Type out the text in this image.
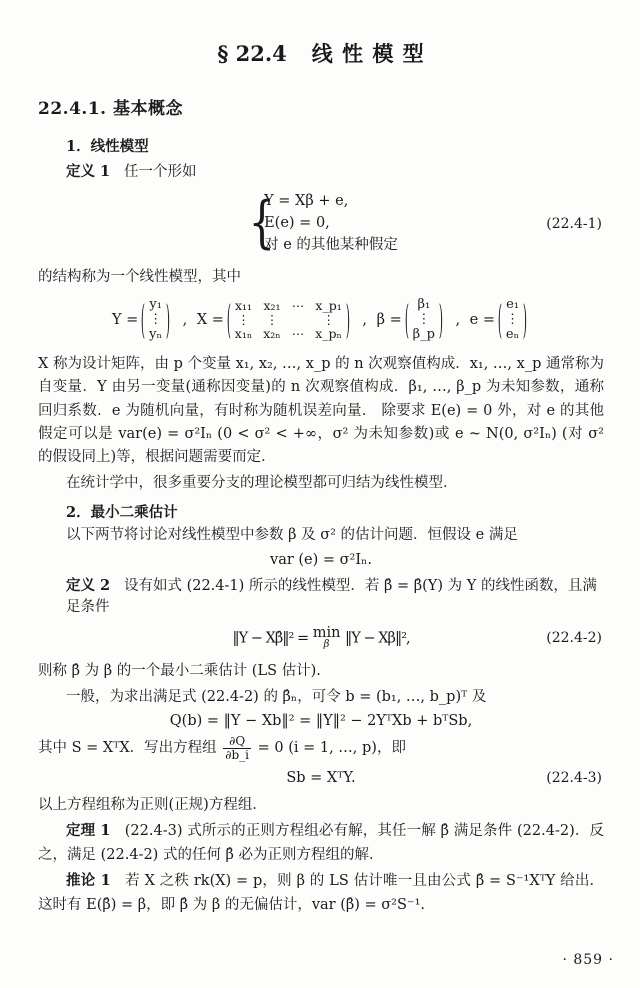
§ 22.4 线 性 模 型
22.4.1. 基本概念
1．线性模型
定义 1 任一个形如
{
Y = Xβ + e,
E(e) = 0,
对 e 的其他某种假定
(22.4-1)

的结构称为一个线性模型，其中

Y = ( y₁
⋮
yₙ ) , X = ( x₁₁ x₂₁ ⋯ x_p₁
⋮ ⋮	⋮
x₁ₙ x₂ₙ ⋯ x_pₙ ) , β = ( β₁
⋮
β_p ) , e = ( e₁
⋮
eₙ )

X 称为设计矩阵，由 p 个变量 x₁, x₂, …, x_p 的 n 次观察值构成．x₁, …, x_p 通常称为自变量．Y 由另一变量(通称因变量)的 n 次观察值构成．β₁, …, β_p 为未知参数，通称回归系数．e 为随机向量，有时称为随机误差向量． 除要求 E(e) = 0 外，对 e 的其他假定可以是 var(e) = σ²Iₙ (0 < σ² < +∞，σ² 为未知参数)或 e ~ N(0, σ²Iₙ) (对 σ² 的假设同上)等，根据问题需要而定．

在统计学中，很多重要分支的理论模型都可归结为线性模型．

2．最小二乘估计

以下两节将讨论对线性模型中参数 β 及 σ² 的估计问题．恒假设 e 满足

var (e) = σ²Iₙ.
定义 2 设有如式 (22.4-1) 所示的线性模型．若 β̂ = β̂(Y) 为 Y 的线性函数，且满足条件
‖Y − Xβ̂‖² = min
β ‖Y − Xβ‖²,	(22.4-2)

则称 β̂ 为 β 的一个最小二乘估计 (LS 估计).

一般，为求出满足式 (22.4-2) 的 β̂ₙ，可令 b = (b₁, …, b_p)ᵀ 及

Q(b) = ‖Y − Xb‖² = ‖Y‖² − 2YᵀXb + bᵀSb,

其中 S = XᵀX．写出方程组 $\frac{\partial Q}{\partial b\_i} = 0$ (i = 1, …, p)，即

Sb = XᵀY.	(22.4-3)

以上方程组称为正则(正规)方程组．

定理 1 (22.4-3) 式所示的正则方程组必有解，其任一解 β̂ 满足条件 (22.4-2)．反之，满足 (22.4-2) 式的任何 β̂ 必为正则方程组的解．

推论 1 若 X 之秩 rk(X) = p，则 β 的 LS 估计唯一且由公式 β̂ = S⁻¹XᵀY 给出．这时有 E(β̂) = β，即 β̂ 为 β 的无偏估计，var (β̂) = σ²S⁻¹.

· 859 ·
